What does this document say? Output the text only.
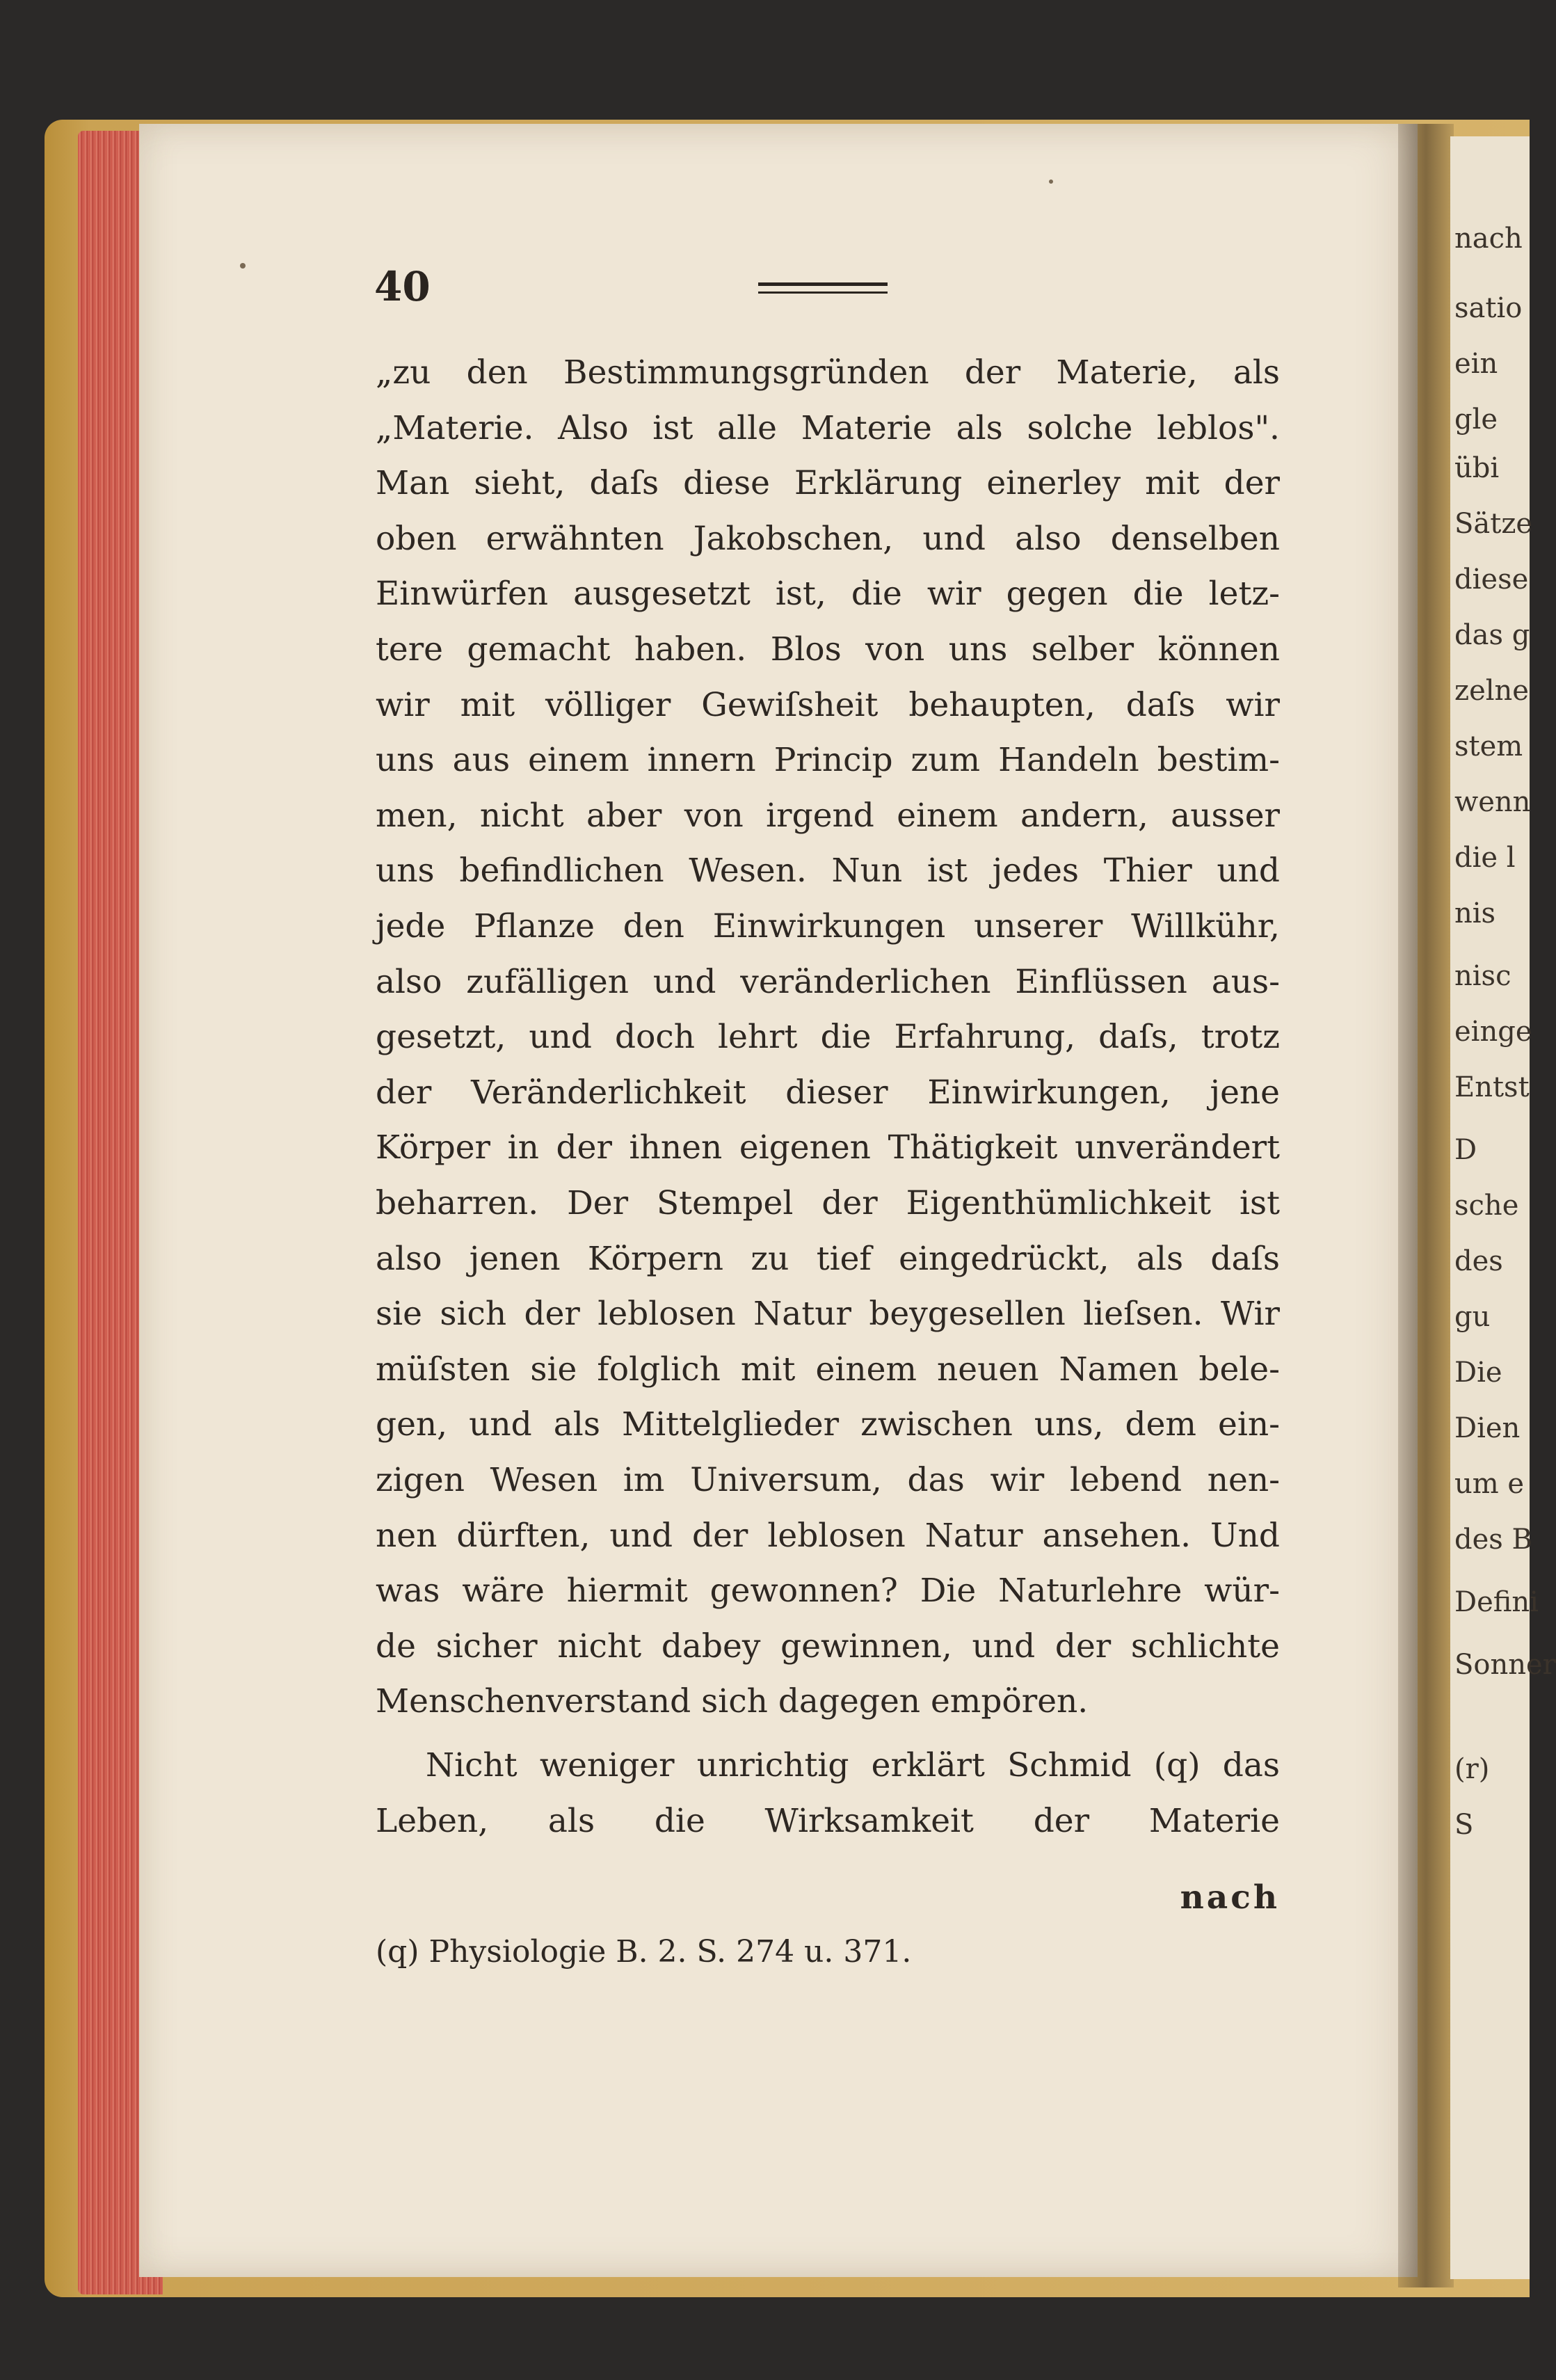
nach
satio
ein
gle
übi
Sätze
diese
das g
zelne
stem
wenn
die l
nis
nisc
einge
Entst
D
sche
des
gu
Die
Dien
um e
des B
Defini
Sonner
(r)
S
40
„zu den Bestimmungsgründen der Materie, als
„Materie. Also ist alle Materie als solche leblos".
Man sieht, daſs diese Erklärung einerley mit der
oben erwähnten Jakobschen, und also denselben
Einwürfen ausgesetzt ist, die wir gegen die letz-
tere gemacht haben. Blos von uns selber können
wir mit völliger Gewiſsheit behaupten, daſs wir
uns aus einem innern Princip zum Handeln bestim-
men, nicht aber von irgend einem andern, ausser
uns befindlichen Wesen. Nun ist jedes Thier und
jede Pflanze den Einwirkungen unserer Willkühr,
also zufälligen und veränderlichen Einflüssen aus-
gesetzt, und doch lehrt die Erfahrung, daſs, trotz
der Veränderlichkeit dieser Einwirkungen, jene
Körper in der ihnen eigenen Thätigkeit unverändert
beharren. Der Stempel der Eigenthümlichkeit ist
also jenen Körpern zu tief eingedrückt, als daſs
sie sich der leblosen Natur beygesellen lieſsen. Wir
müſsten sie folglich mit einem neuen Namen bele-
gen, und als Mittelglieder zwischen uns, dem ein-
zigen Wesen im Universum, das wir lebend nen-
nen dürften, und der leblosen Natur ansehen. Und
was wäre hiermit gewonnen? Die Naturlehre wür-
de sicher nicht dabey gewinnen, und der schlichte
Menschenverstand sich dagegen empören.
Nicht weniger unrichtig erklärt Schmid (q) das
Leben, als die Wirksamkeit der Materie
nach
(q) Physiologie B. 2. S. 274 u. 371.
